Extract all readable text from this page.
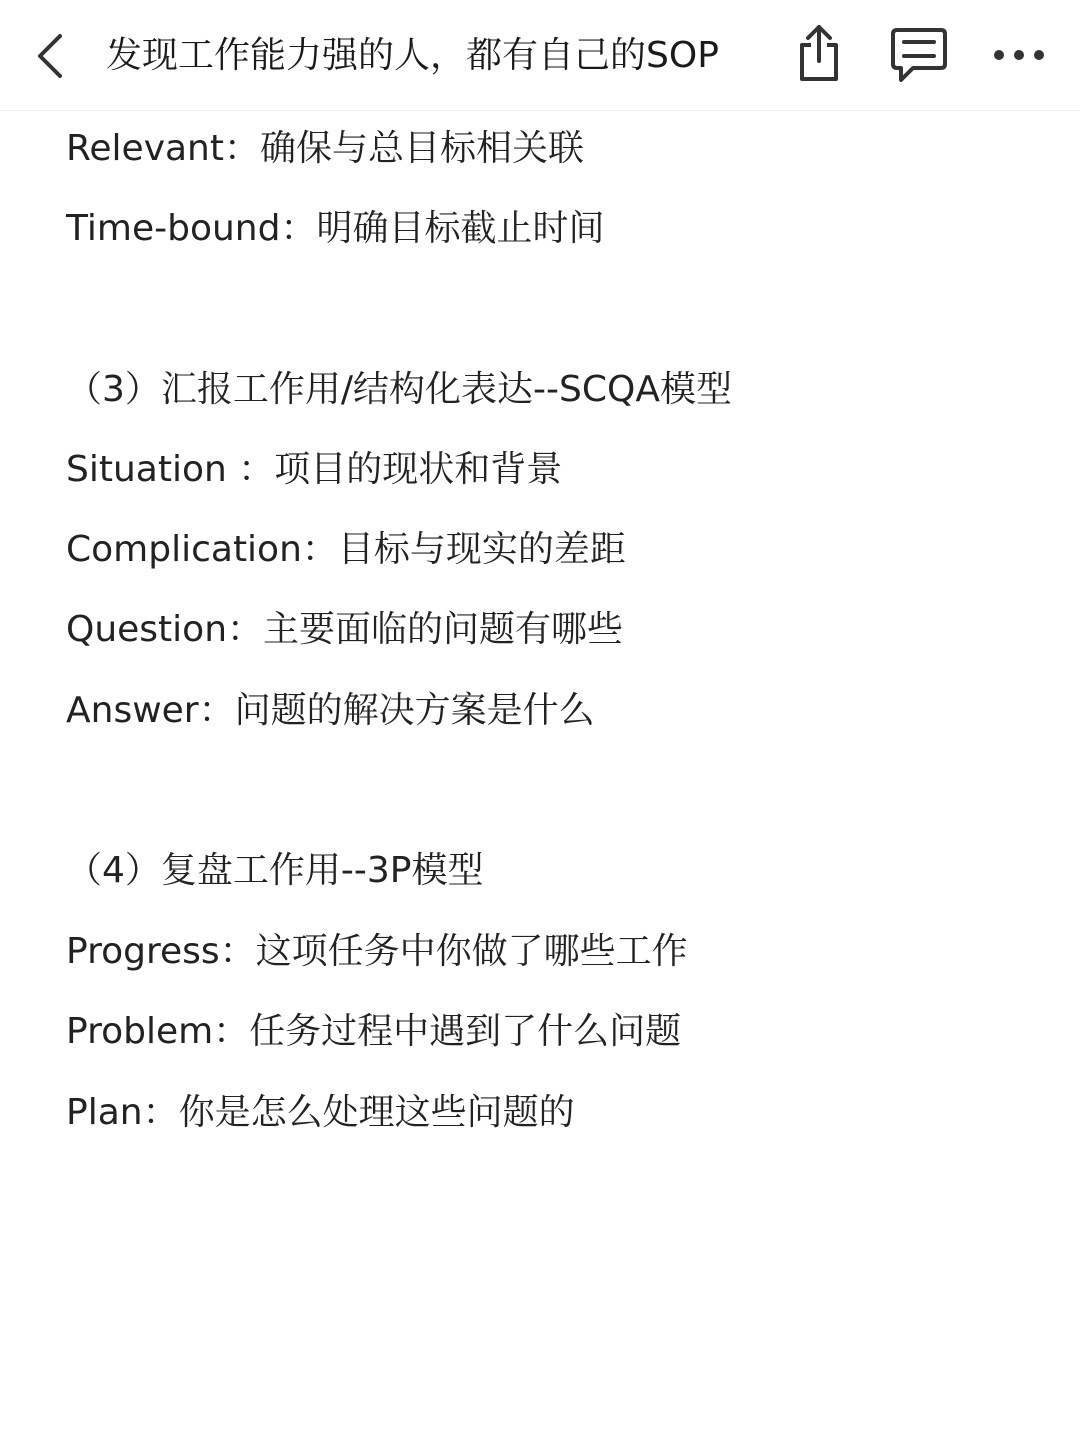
发现工作能力强的人，都有自己的SOP
Relevant：确保与总目标相关联
Time-bound：明确目标截止时间
（3）汇报工作用/结构化表达--SCQA模型
Situation ：项目的现状和背景
Complication：目标与现实的差距
Question：主要面临的问题有哪些
Answer：问题的解决方案是什么
（4）复盘工作用--3P模型
Progress：这项任务中你做了哪些工作
Problem：任务过程中遇到了什么问题
Plan：你是怎么处理这些问题的
